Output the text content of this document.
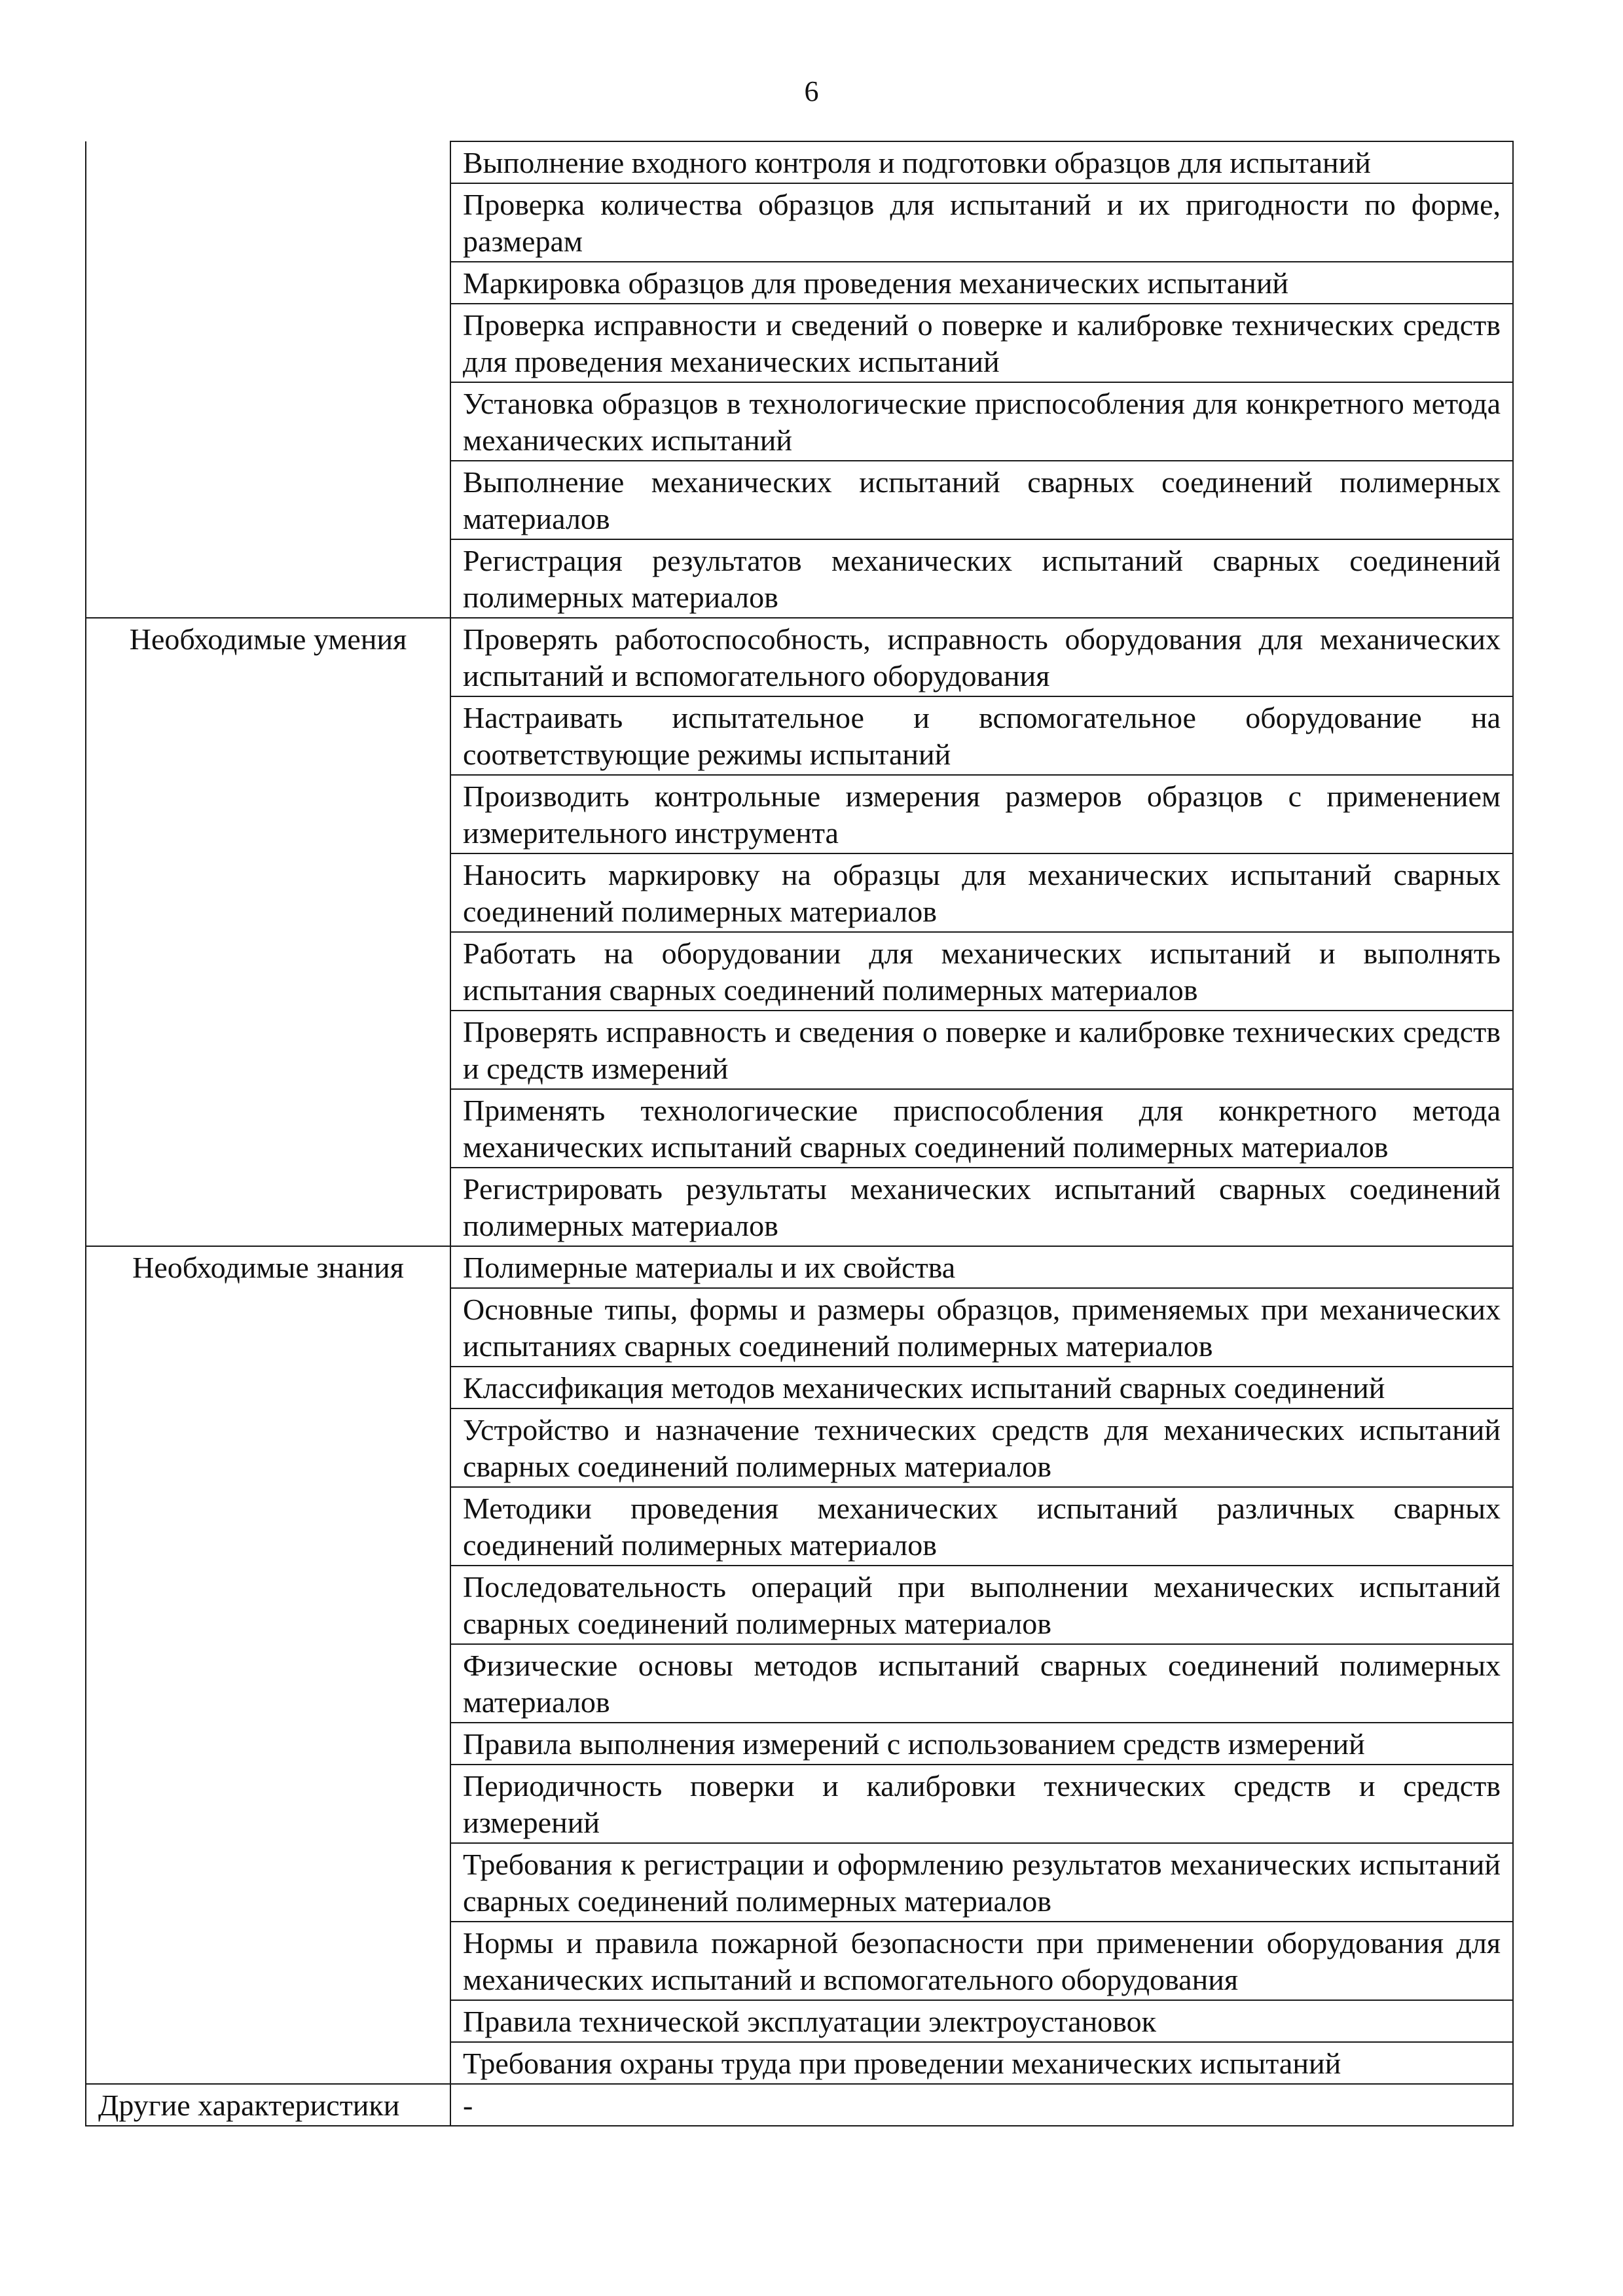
6
	Выполнение входного контроля и подготовки образцов для испытаний
	Проверка количества образцов для испытаний и их пригодности по форме, размерам
	Маркировка образцов для проведения механических испытаний
	Проверка исправности и сведений о поверке и калибровке технических средств для проведения механических испытаний
	Установка образцов в технологические приспособления для конкретного метода механических испытаний
	Выполнение механических испытаний сварных соединений полимерных материалов
	Регистрация результатов механических испытаний сварных соединений полимерных материалов
Необходимые умения	Проверять работоспособность, исправность оборудования для механических испытаний и вспомогательного оборудования
	Настраивать испытательное и вспомогательное оборудование на соответствующие режимы испытаний
	Производить контрольные измерения размеров образцов с применением измерительного инструмента
	Наносить маркировку на образцы для механических испытаний сварных соединений полимерных материалов
	Работать на оборудовании для механических испытаний и выполнять испытания сварных соединений полимерных материалов
	Проверять исправность и сведения о поверке и калибровке технических средств и средств измерений
	Применять технологические приспособления для конкретного метода механических испытаний сварных соединений полимерных материалов
	Регистрировать результаты механических испытаний сварных соединений полимерных материалов
Необходимые знания	Полимерные материалы и их свойства
	Основные типы, формы и размеры образцов, применяемых при механических испытаниях сварных соединений полимерных материалов
	Классификация методов механических испытаний сварных соединений
	Устройство и назначение технических средств для механических испытаний сварных соединений полимерных материалов
	Методики проведения механических испытаний различных сварных соединений полимерных материалов
	Последовательность операций при выполнении механических испытаний сварных соединений полимерных материалов
	Физические основы методов испытаний сварных соединений полимерных материалов
	Правила выполнения измерений с использованием средств измерений
	Периодичность поверки и калибровки технических средств и средств измерений
	Требования к регистрации и оформлению результатов механических испытаний сварных соединений полимерных материалов
	Нормы и правила пожарной безопасности при применении оборудования для механических испытаний и вспомогательного оборудования
	Правила технической эксплуатации электроустановок
	Требования охраны труда при проведении механических испытаний
Другие характеристики	-
